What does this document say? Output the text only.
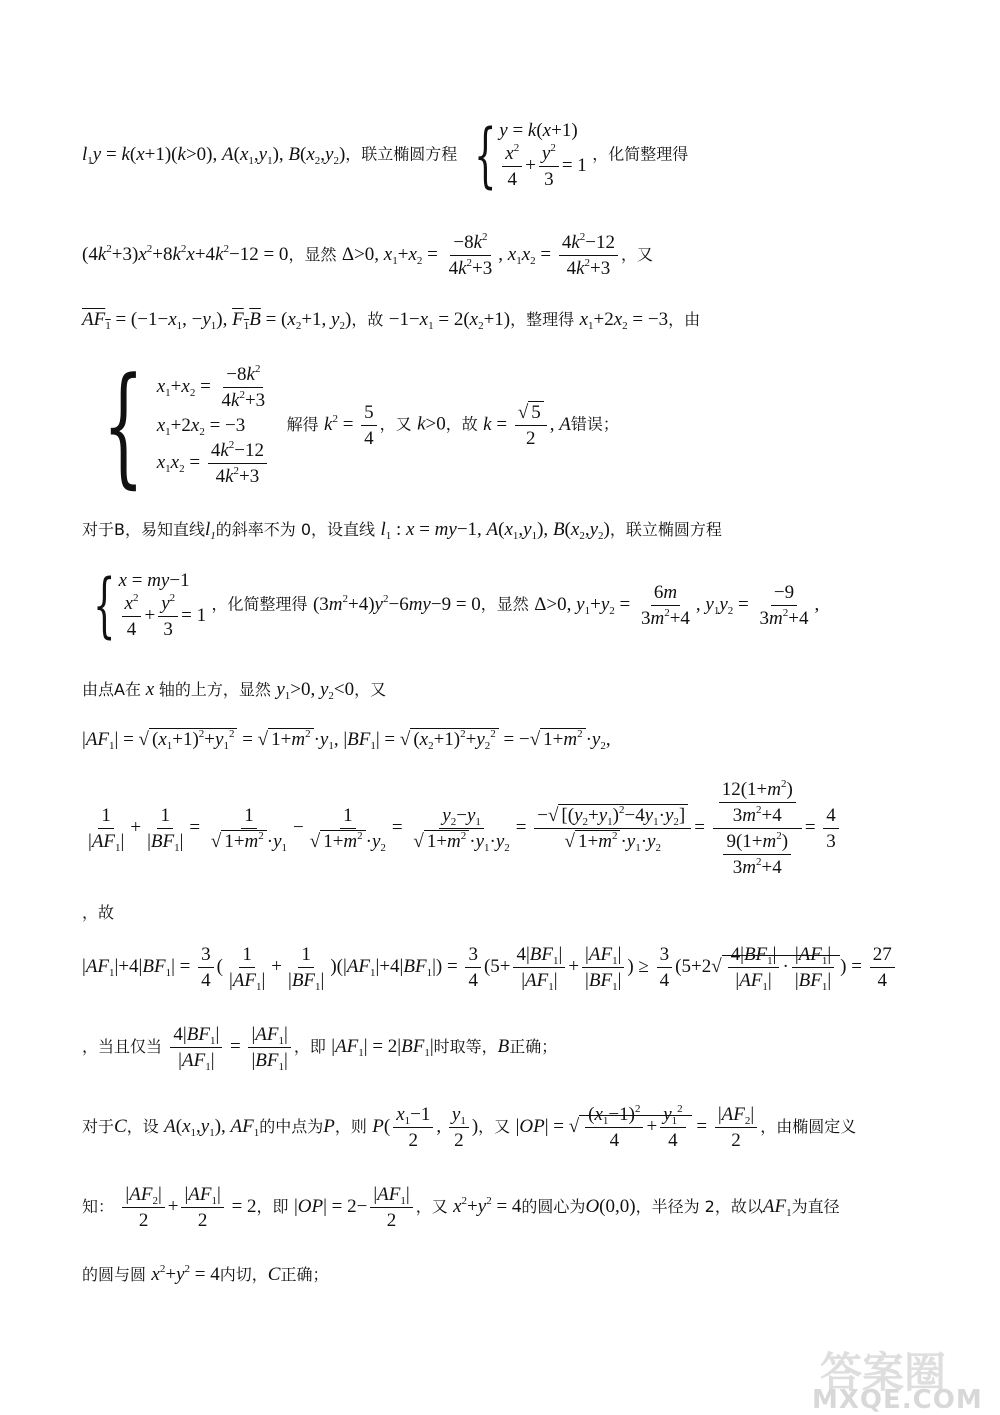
$l_1y = k(x+1)(k>0)$, $A(x_1,y_1)$, $B(x_2,y_2)$，联立椭圆方程 { y = k(x+1)
$\frac{x^2}{4} + \frac{y^2}{3} = 1$
，化简整理得
$(4k^2+3)x^2+8k^2x+4k^2-12 = 0$，显然 Δ>0, $x_1+x_2 = \frac{-8k^2}{4k^2+3}$ , $x_1x_2 = \frac{4k^2-12}{4k^2+3}$ ，又
$AF_1 = (-1-x_1$, $-y_1$), $F_1B = (x_2+1$, $y_2$)，故 $-1-x_1 = 2(x_2+1)$，整理得 $x_1+2x_2 = -3$，由
{ $x_1+x_2 = \frac{-8k^2}{4k^2+3}$
$x_1+2x_2 = -3$
$x_1x_2 = \frac{4k^2-12}{4k^2+3}$
解得 $k^2 = \frac{5}{4}$ ，又 k>0，故 $k = \frac{√ 5}{2}$ , A错误；
对于B，易知直线$l_1$的斜率不为 0，设直线 $l_1$ : x = my−1, $A(x_1,y_1)$, $B(x_2,y_2)$，联立椭圆方程
{ x = my−1
$\frac{x^2}{4} + \frac{y^2}{3} = 1$
，化简整理得 $(3m^2+4)y^2-6my-9 = 0$，显然 Δ>0, $y_1+y_2 = \frac{6m}{3m^2+4}$ , $y_1y_2 = \frac{-9}{3m^2+4}$ ,
由点A在 x 轴的上方，显然 $y_1>0$, $y_2<0$，又
$|AF_1|$ = √ $(x_1+1)^2+y_1^2$ = √ $1+m^2 \cdot y_1$, $|BF_1|$ = √ $(x_2+1)^2+y_2^2$ = −√ $1+m^2 \cdot y_2$,
$\frac{1}{|AF_1|} + \frac{1}{|BF_1|} = \frac{1}{√ 1+m^2 \cdot y_1} - \frac{1}{√ 1+m^2 \cdot y_2} = \frac{y_2-y_1}{√ 1+m^2 \cdot y_1\cdot y_2} = \frac{-√ [(y_2+y_1)^2-4y_1\cdot y_2]}{√ 1+m^2 \cdot y_1\cdot y_2} = \frac{\frac{12(1+m^2)}{3m^2+4}}{\frac{9(1+m^2)}{3m^2+4}} = \frac{4}{3}$
，故
$|AF_1|+4|BF_1| = \frac{3}{4}$ ( $\frac{1}{|AF_1|} + \frac{1}{|BF_1|} )(|AF_1|+4|BF_1|) = \frac{3}{4} (5+ \frac{4|BF_1|}{|AF_1|} + \frac{|AF_1|}{|BF_1|}$ ) ≥ $\frac{3}{4} (5+2√ \frac{4|BF_1|}{|AF_1|} \cdot \frac{|AF_1|}{|BF_1|}$ ) = $\frac{27}{4}$
，当且仅当 $\frac{4|BF_1|}{|AF_1|} = \frac{|AF_1|}{|BF_1|}$ ，即 $|AF_1| = 2|BF_1|$时取等，B正确；
对于C，设 $A(x_1,y_1)$, $AF_1$的中点为P，则 $P( \frac{x_1-1}{2}$ , $\frac{y_1}{2}$ )，又 |OP| = √ $\frac{(x_1-1)^2}{4} + \frac{y_1^2}{4} = \frac{|AF_2|}{2}$ ，由椭圆定义
知： $\frac{|AF_2|}{2} + \frac{|AF_1|}{2} = 2$，即 $|OP| = 2- \frac{|AF_1|}{2}$ ，又 $x^2+y^2 = 4$的圆心为O(0,0)，半径为 2，故以$AF_1$为直径
的圆与圆 $x^2+y^2 = 4$内切，C正确；
答案圈
MXQE.COM
